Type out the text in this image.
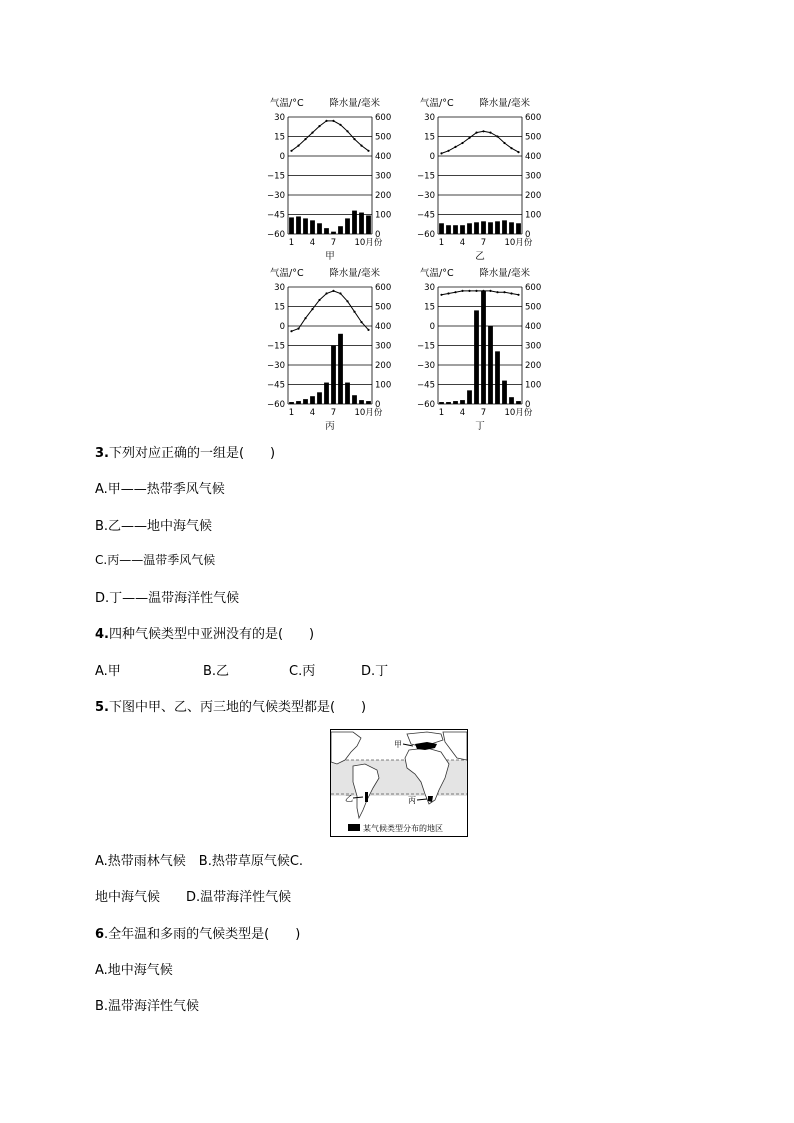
气温/°C	降水量/毫米
30	600
15	500
0	400
−15	300
−30	200
−45	100
−60	0
1 4 7 10月份
甲
气温/°C	降水量/毫米
30	600
15	500
0	400
−15	300
−30	200
−45	100
−60	0
1 4 7 10月份
乙
气温/°C	降水量/毫米
30	600
15	500
0	400
−15	300
−30	200
−45	100
−60	0
1 4 7 10月份
丙
气温/°C	降水量/毫米
30	600
15	500
0	400
−15	300
−30	200
−45	100
−60	0
1 4 7 10月份
丁
3.下列对应正确的一组是(　　)
A.甲——热带季风气候
B.乙——地中海气候
C.丙——温带季风气候
D.丁——温带海洋性气候
4.四种气候类型中亚洲没有的是(　　)
A.甲	B.乙	C.丙	D.丁
5.下图中甲、乙、丙三地的气候类型都是(　　)
甲
乙	丙
某气候类型分布的地区
A.热带雨林气候　B.热带草原气候C.
地中海气候　　D.温带海洋性气候
6.全年温和多雨的气候类型是(　　)
A.地中海气候
B.温带海洋性气候
